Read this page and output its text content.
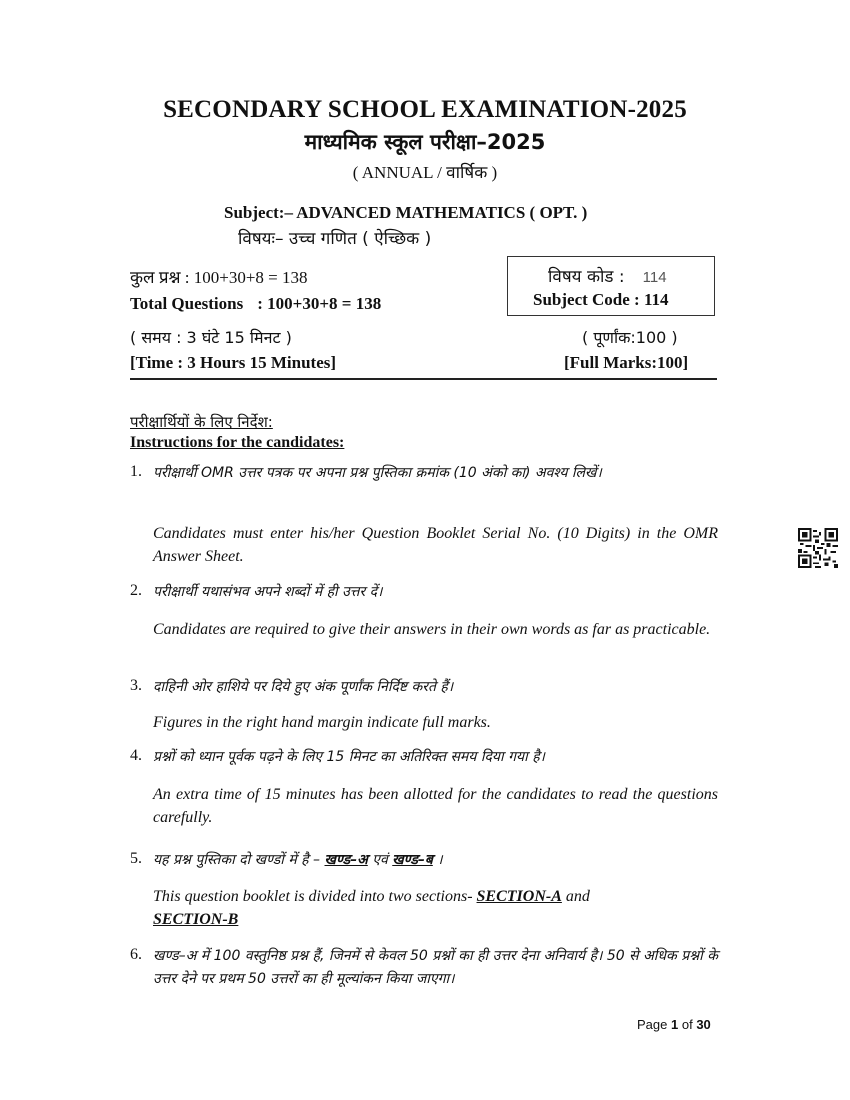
SECONDARY SCHOOL EXAMINATION-2025
माध्यमिक स्कूल परीक्षा–2025
( ANNUAL / वार्षिक )
Subject:– ADVANCED MATHEMATICS ( OPT. )
विषयः– उच्च गणित ( ऐच्छिक )
कुल प्रश्न : 100+30+8 = 138
Total Questions : 100+30+8 = 138
विषय कोड : 114
Subject Code : 114
( समय : 3 घंटे 15 मिनट )	( पूर्णांक:100 )
[Time : 3 Hours 15 Minutes]	[Full Marks:100]
परीक्षार्थियों के लिए निर्देश:
Instructions for the candidates:
1. परीक्षार्थी OMR उत्तर पत्रक पर अपना प्रश्न पुस्तिका क्रमांक (10 अंको का) अवश्य लिखें।
Candidates must enter his/her Question Booklet Serial No. (10 Digits) in the OMR Answer Sheet.
2. परीक्षार्थी यथासंभव अपने शब्दों में ही उत्तर दें।
Candidates are required to give their answers in their own words as far as practicable.
3. दाहिनी ओर हाशिये पर दिये हुए अंक पूर्णांक निर्दिष्ट करते हैं।
Figures in the right hand margin indicate full marks.
4. प्रश्नों को ध्यान पूर्वक पढ़ने के लिए 15 मिनट का अतिरिक्त समय दिया गया है।
An extra time of 15 minutes has been allotted for the candidates to read the questions carefully.
5. यह प्रश्न पुस्तिका दो खण्डों में है – खण्ड–अ एवं खण्ड–ब ।
This question booklet is divided into two sections- SECTION-A and
SECTION-B
6. खण्ड–अ में 100 वस्तुनिष्ठ प्रश्न हैं, जिनमें से केवल 50 प्रश्नों का ही उत्तर देना अनिवार्य है। 50 से अधिक प्रश्नों के उत्तर देने पर प्रथम 50 उत्तरों का ही मूल्यांकन किया जाएगा।
Page 1 of 30
